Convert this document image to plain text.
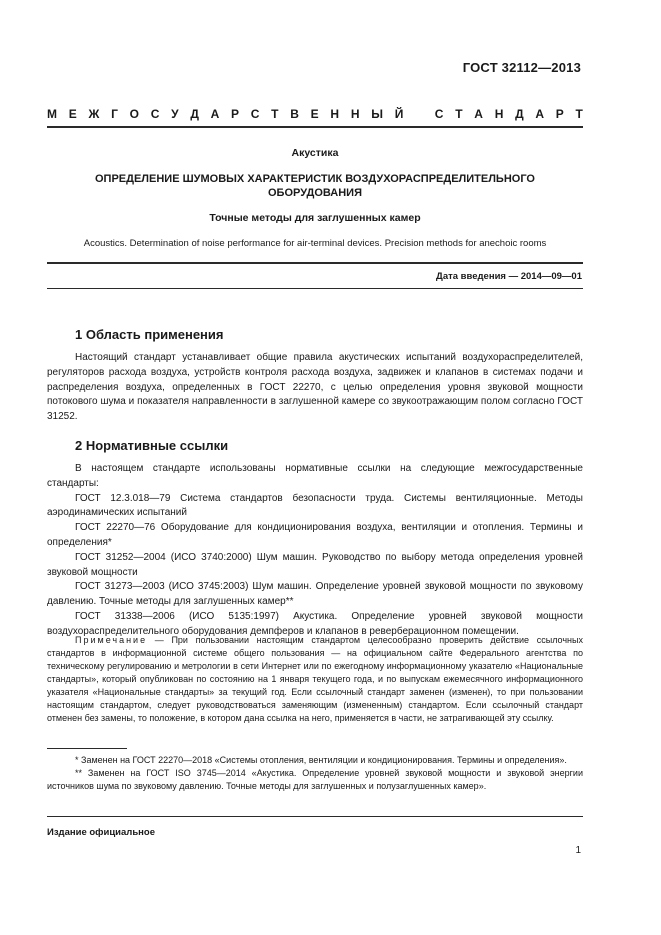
ГОСТ 32112—2013
М Е Ж Г О С У Д А Р С Т В Е Н Н Ы Й	С Т А Н Д А Р Т
Акустика
ОПРЕДЕЛЕНИЕ ШУМОВЫХ ХАРАКТЕРИСТИК ВОЗДУХОРАСПРЕДЕЛИТЕЛЬНОГО
ОБОРУДОВАНИЯ
Точные методы для заглушенных камер
Acoustics. Determination of noise performance for air-terminal devices. Precision methods for anechoic rooms
Дата введения — 2014—09—01
1 Область применения

Настоящий стандарт устанавливает общие правила акустических испытаний воздухораспределителей, регуляторов расхода воздуха, устройств контроля расхода воздуха, задвижек и клапанов в системах подачи и распределения воздуха, определенных в ГОСТ 22270, с целью определения уровня звуковой мощности потокового шума и показателя направленности в заглушенной камере со звукоотражающим полом согласно ГОСТ 31252.

2 Нормативные ссылки

В настоящем стандарте использованы нормативные ссылки на следующие межгосударственные стандарты:

ГОСТ 12.3.018—79 Система стандартов безопасности труда. Системы вентиляционные. Методы аэродинамических испытаний

ГОСТ 22270—76 Оборудование для кондиционирования воздуха, вентиляции и отопления. Термины и определения*

ГОСТ 31252—2004 (ИСО 3740:2000) Шум машин. Руководство по выбору метода определения уровней звуковой мощности

ГОСТ 31273—2003 (ИСО 3745:2003) Шум машин. Определение уровней звуковой мощности по звуковому давлению. Точные методы для заглушенных камер**

ГОСТ 31338—2006 (ИСО 5135:1997) Акустика. Определение уровней звуковой мощности воздухораспределительного оборудования демпферов и клапанов в реверберационном помещении.

Примечание — При пользовании настоящим стандартом целесообразно проверить действие ссылочных стандартов в информационной системе общего пользования — на официальном сайте Федерального агентства по техническому регулированию и метрологии в сети Интернет или по ежегодному информационному указателю «Национальные стандарты», который опубликован по состоянию на 1 января текущего года, и по выпускам ежемесячного информационного указателя «Национальные стандарты» за текущий год. Если ссылочный стандарт заменен (изменен), то при пользовании настоящим стандартом, следует руководствоваться заменяющим (измененным) стандартом. Если ссылочный стандарт отменен без замены, то положение, в котором дана ссылка на него, применяется в части, не затрагивающей эту ссылку.

* Заменен на ГОСТ 22270—2018 «Системы отопления, вентиляции и кондиционирования. Термины и определения».

** Заменен на ГОСТ ISO 3745—2014 «Акустика. Определение уровней звуковой мощности и звуковой энергии источников шума по звуковому давлению. Точные методы для заглушенных и полузаглушенных камер».

Издание официальное
1
